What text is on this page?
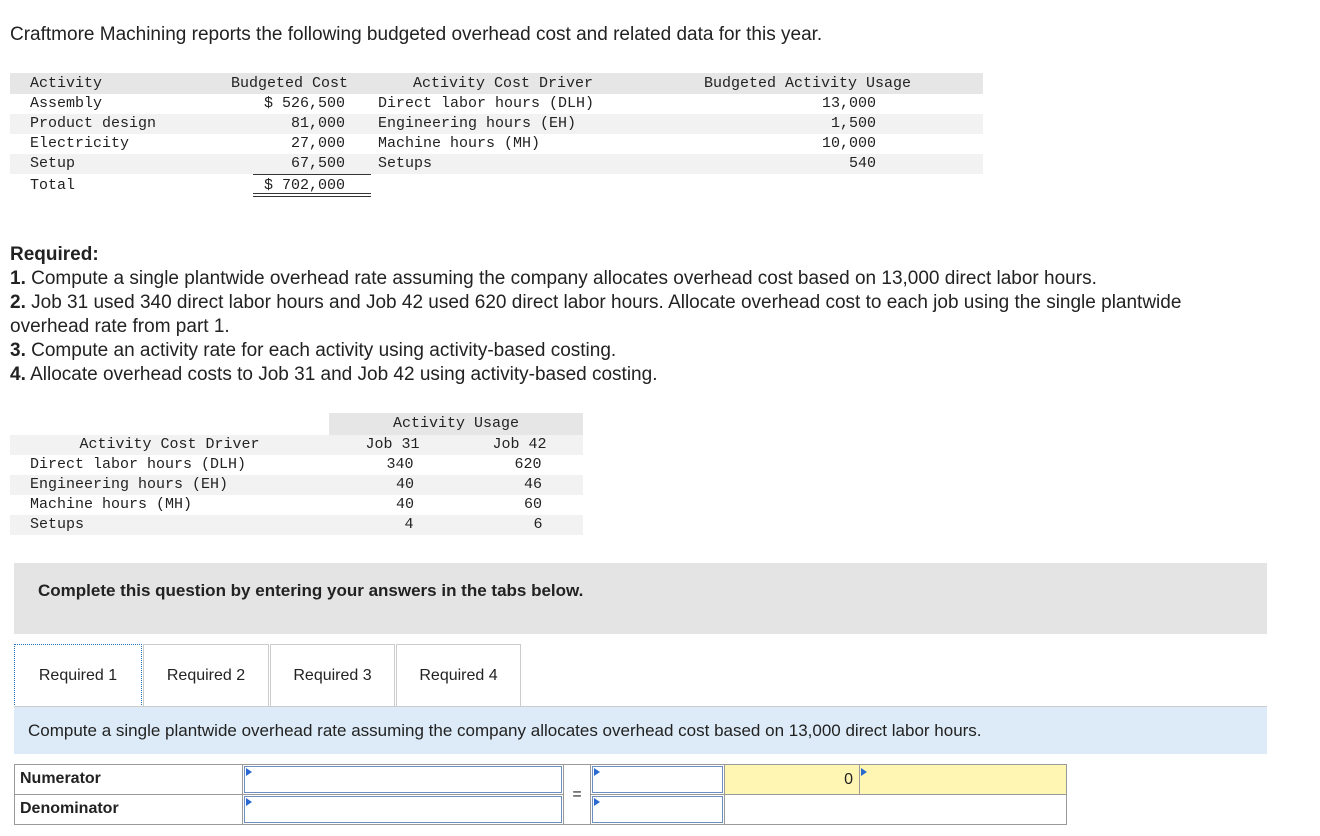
Craftmore Machining reports the following budgeted overhead cost and related data for this year.
Activity	Budgeted Cost	Activity Cost Driver	Budgeted Activity Usage
Assembly	$ 526,500 Direct labor hours (DLH)	13,000
Product design	81,000 Engineering hours (EH)	1,500
Electricity	27,000 Machine hours (MH)	10,000
Setup	67,500 Setups	540
Total	$ 702,000
Required:
1. Compute a single plantwide overhead rate assuming the company allocates overhead cost based on 13,000 direct labor hours.
2. Job 31 used 340 direct labor hours and Job 42 used 620 direct labor hours. Allocate overhead cost to each job using the single plantwide overhead rate from part 1.
3. Compute an activity rate for each activity using activity-based costing.
4. Allocate overhead costs to Job 31 and Job 42 using activity-based costing.
Activity Usage
Activity Cost Driver	Job 31	Job 42
Direct labor hours (DLH)	340	620
Engineering hours (EH)	40	46
Machine hours (MH)	40	60
Setups	4	6
Complete this question by entering your answers in the tabs below.
Required 1	Required 2	Required 3	Required 4
Compute a single plantwide overhead rate assuming the company allocates overhead cost based on 13,000 direct labor hours.
Numerator
Denominator
=
0
